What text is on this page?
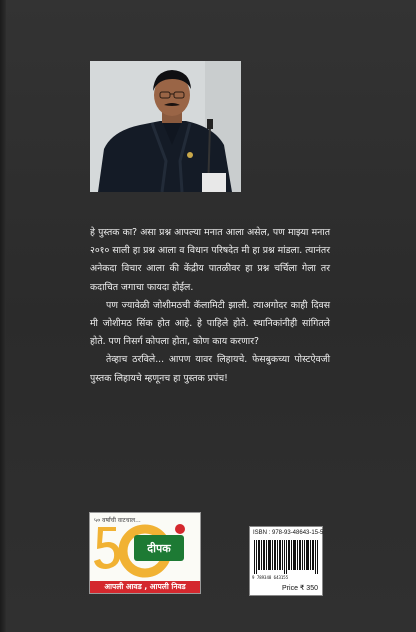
हे पुस्तक का? असा प्रश्न आपल्या मनात आला असेल, पण माझ्या मनात २०१० साली हा प्रश्न आला व विधान परिषदेत मी हा प्रश्न मांडला. त्यानंतर अनेकदा विचार आला की केंद्रीय पातळीवर हा प्रश्न चर्चिला गेला तर कदाचित जगाचा फायदा होईल.

पण ज्यावेळी जोशीमठची कॅलामिटी झाली. त्याअगोदर काही दिवस मी जोशीमठ सिंक होत आहे. हे पाहिले होते. स्थानिकांनीही सांगितले होते. पण निसर्ग कोपला होता, कोण काय करणार?

तेव्हाच ठरविले... आपण यावर लिहायचे. फेसबुकच्या पोस्टऐवजी पुस्तक लिहायचे म्हणूनच हा पुस्तक प्रपंच!

५० वर्षांची वाटचाल...
दीपक
आपली आवड , आपली निवड
ISBN : 978-93-48643-15-5
9 789348 643155
Price ₹ 350
